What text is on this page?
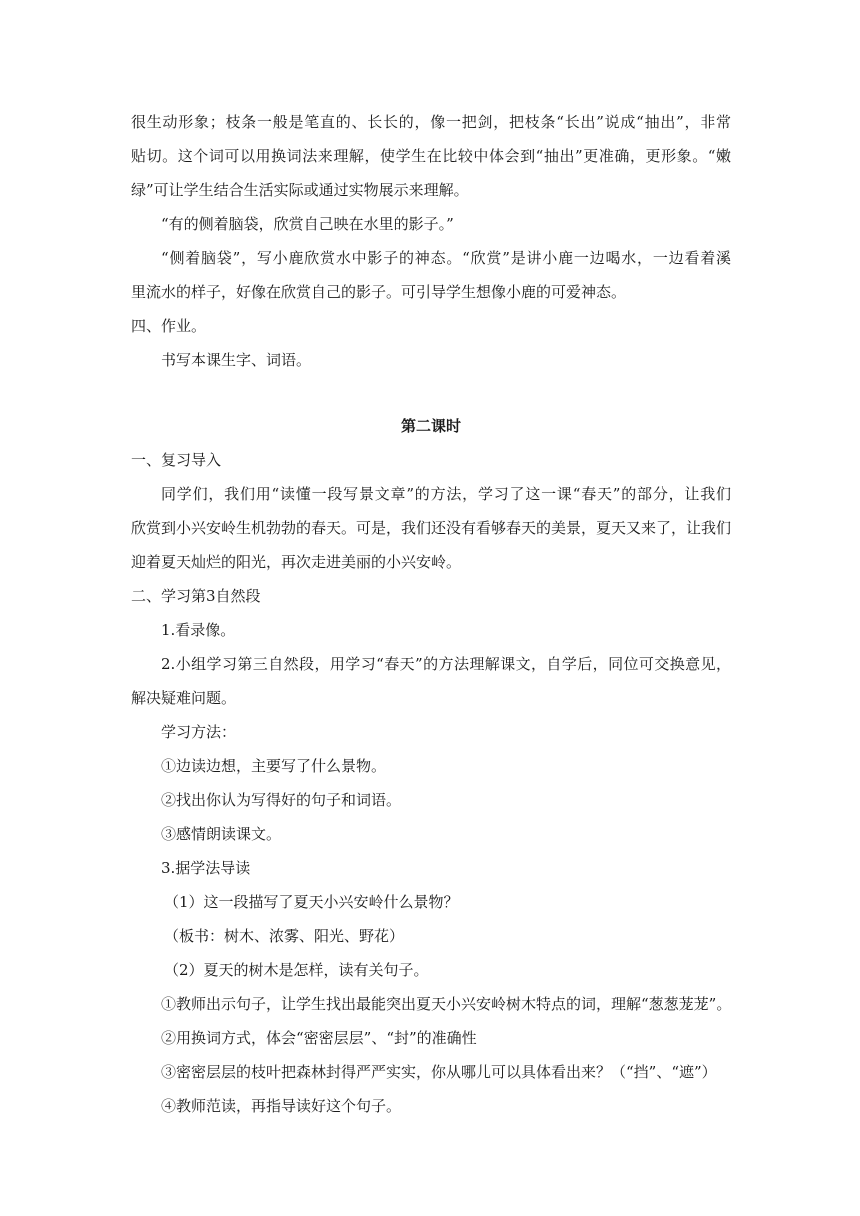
很生动形象；枝条一般是笔直的、长长的，像一把剑，把枝条“长出”说成“抽出”，非常
贴切。这个词可以用换词法来理解，使学生在比较中体会到“抽出”更准确，更形象。“嫩
绿”可让学生结合生活实际或通过实物展示来理解。
“有的侧着脑袋，欣赏自己映在水里的影子。”
“侧着脑袋”，写小鹿欣赏水中影子的神态。“欣赏”是讲小鹿一边喝水，一边看着溪
里流水的样子，好像在欣赏自己的影子。可引导学生想像小鹿的可爱神态。
四、作业。
书写本课生字、词语。
第二课时
一、复习导入
同学们，我们用“读懂一段写景文章”的方法，学习了这一课“春天”的部分，让我们
欣赏到小兴安岭生机勃勃的春天。可是，我们还没有看够春天的美景，夏天又来了，让我们
迎着夏天灿烂的阳光，再次走进美丽的小兴安岭。
二、学习第3自然段
1.看录像。
2.小组学习第三自然段，用学习“春天”的方法理解课文，自学后，同位可交换意见，
解决疑难问题。
学习方法：
①边读边想，主要写了什么景物。
②找出你认为写得好的句子和词语。
③感情朗读课文。
3.据学法导读
（1）这一段描写了夏天小兴安岭什么景物？
（板书：树木、浓雾、阳光、野花）
（2）夏天的树木是怎样，读有关句子。
①教师出示句子，让学生找出最能突出夏天小兴安岭树木特点的词，理解“葱葱茏茏”。
②用换词方式，体会“密密层层”、“封”的准确性
③密密层层的枝叶把森林封得严严实实，你从哪儿可以具体看出来？（“挡”、“遮”）
④教师范读，再指导读好这个句子。
